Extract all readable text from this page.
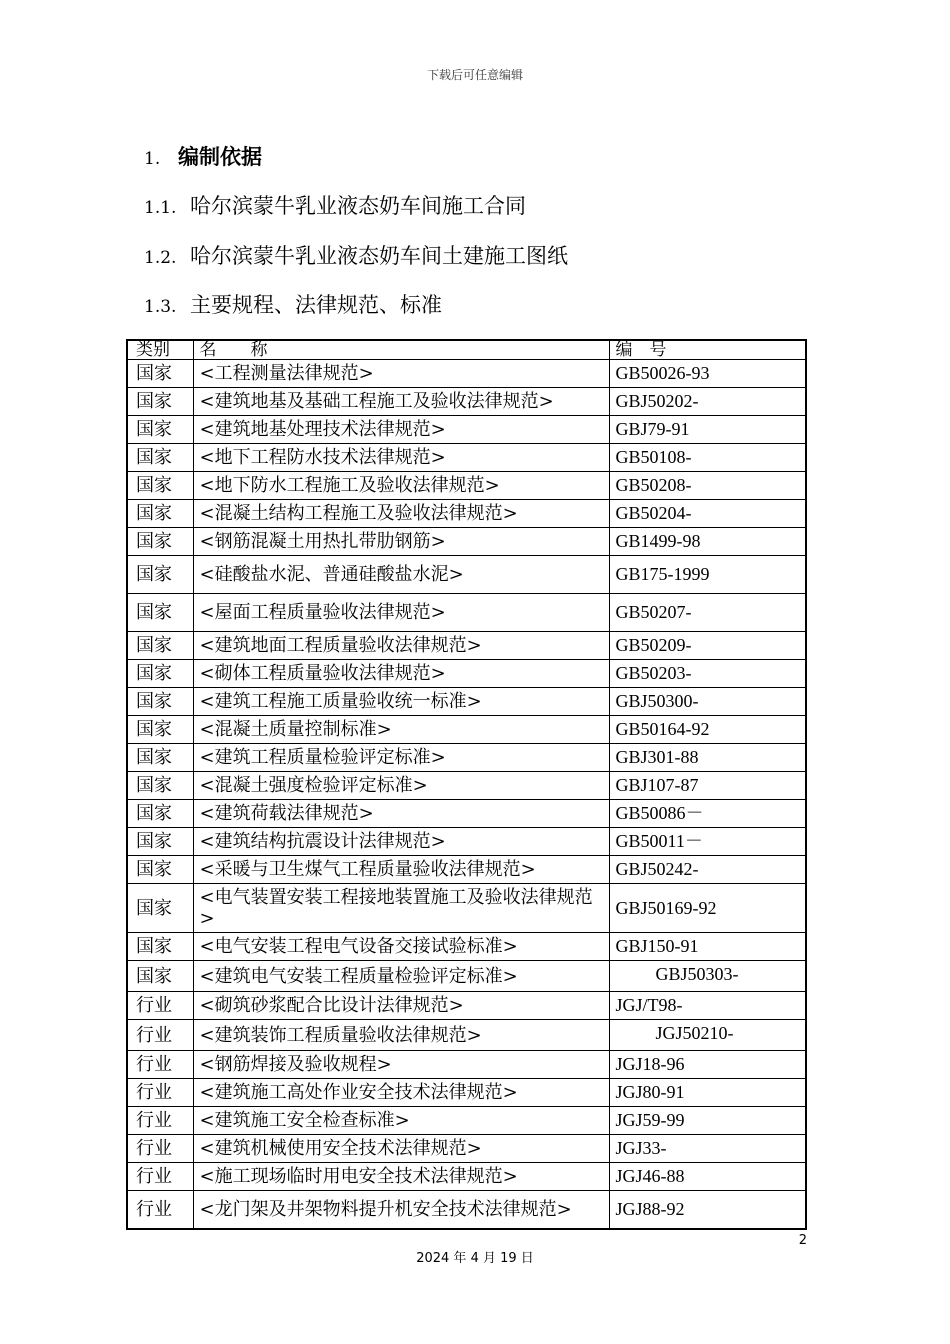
下载后可任意编辑
1. 编制依据
1.1. 哈尔滨蒙牛乳业液态奶车间施工合同
1.2. 哈尔滨蒙牛乳业液态奶车间土建施工图纸
1.3. 主要规程、法律规范、标准
类别	名　　称	编　号
国家	<工程测量法律规范>	GB50026-93
国家	<建筑地基及基础工程施工及验收法律规范>	GBJ50202-
国家	<建筑地基处理技术法律规范>	GBJ79-91
国家	<地下工程防水技术法律规范>	GB50108-
国家	<地下防水工程施工及验收法律规范>	GB50208-
国家	<混凝土结构工程施工及验收法律规范>	GB50204-
国家	<钢筋混凝土用热扎带肋钢筋>	GB1499-98
国家	<硅酸盐水泥、普通硅酸盐水泥>	GB175-1999
国家	<屋面工程质量验收法律规范>	GB50207-
国家	<建筑地面工程质量验收法律规范>	GB50209-
国家	<砌体工程质量验收法律规范>	GB50203-
国家	<建筑工程施工质量验收统一标准>	GBJ50300-
国家	<混凝土质量控制标准>	GB50164-92
国家	<建筑工程质量检验评定标准>	GBJ301-88
国家	<混凝土强度检验评定标准>	GBJ107-87
国家	<建筑荷载法律规范>	GB50086－
国家	<建筑结构抗震设计法律规范>	GB50011－
国家	<采暖与卫生煤气工程质量验收法律规范>	GBJ50242-
国家	<电气装置安装工程接地装置施工及验收法律规范>	GBJ50169-92
国家	<电气安装工程电气设备交接试验标准>	GBJ150-91
国家	<建筑电气安装工程质量检验评定标准>	GBJ50303-
行业	<砌筑砂浆配合比设计法律规范>	JGJ/T98-
行业	<建筑装饰工程质量验收法律规范>	JGJ50210-
行业	<钢筋焊接及验收规程>	JGJ18-96
行业	<建筑施工高处作业安全技术法律规范>	JGJ80-91
行业	<建筑施工安全检查标准>	JGJ59-99
行业	<建筑机械使用安全技术法律规范>	JGJ33-
行业	<施工现场临时用电安全技术法律规范>	JGJ46-88
行业	<龙门架及井架物料提升机安全技术法律规范>	JGJ88-92
2
2024 年 4 月 19 日
